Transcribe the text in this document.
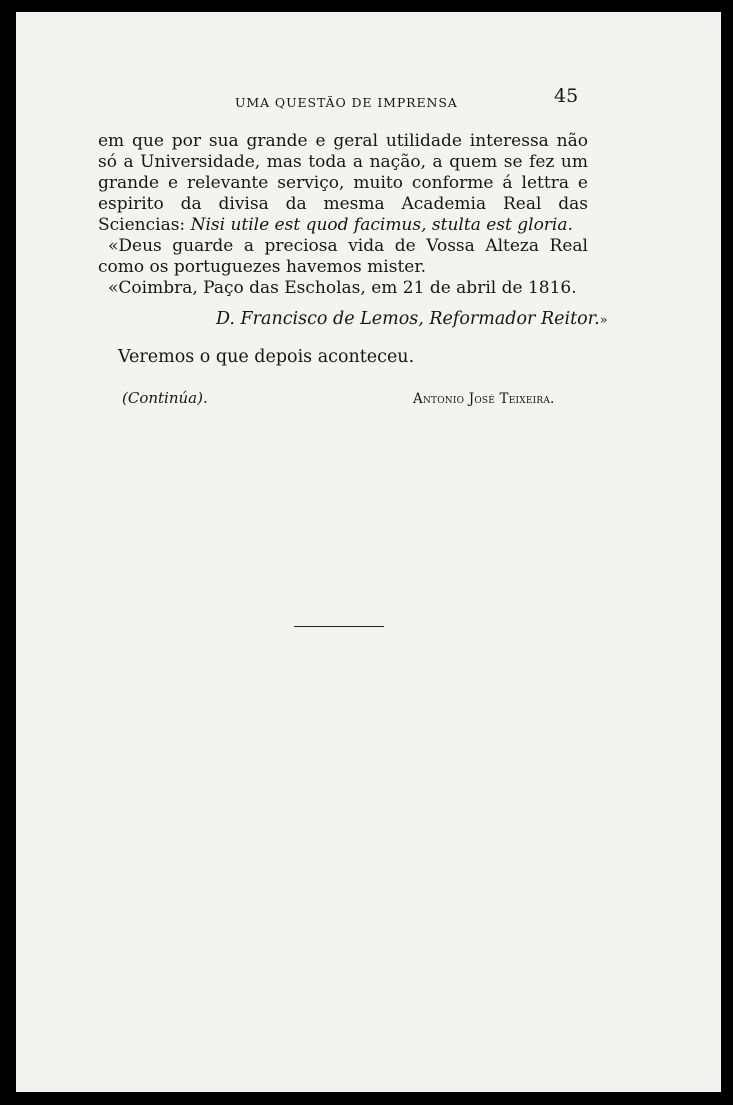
UMA QUESTÃO DE IMPRENSA	45

em que por sua grande e geral utilidade interessa não só a Universidade, mas toda a nação, a quem se fez um grande e relevante serviço, muito conforme á lettra e espirito da divisa da mesma Academia Real das Sciencias: Nisi utile est quod facimus, stulta est gloria.

«Deus guarde a preciosa vida de Vossa Alteza Real como os portuguezes havemos mister.

«Coimbra, Paço das Escholas, em 21 de abril de 1816.

D. Francisco de Lemos, Reformador Reitor.»
Veremos o que depois aconteceu.
(Continúa).	Antonio José Teixeira.
